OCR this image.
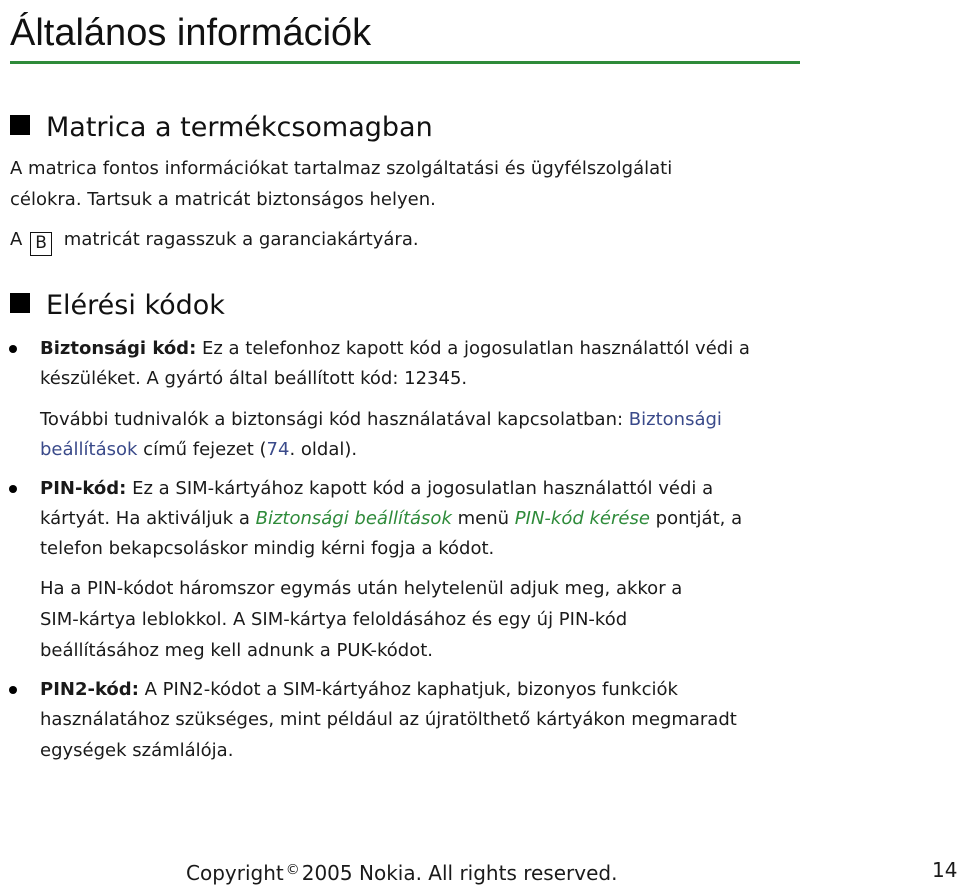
Általános információk
Matrica a termékcsomagban

A matrica fontos információkat tartalmaz szolgáltatási és ügyfélszolgálati

célokra. Tartsuk a matricát biztonságos helyen.

A B matricát ragasszuk a garanciakártyára.

Elérési kódok

Biztonsági kód: Ez a telefonhoz kapott kód a jogosulatlan használattól védi a

készüléket. A gyártó által beállított kód: 12345.

További tudnivalók a biztonsági kód használatával kapcsolatban: Biztonsági

beállítások című fejezet (74. oldal).

PIN-kód: Ez a SIM-kártyához kapott kód a jogosulatlan használattól védi a

kártyát. Ha aktiváljuk a Biztonsági beállítások menü PIN-kód kérése pontját, a

telefon bekapcsoláskor mindig kérni fogja a kódot.

Ha a PIN-kódot háromszor egymás után helytelenül adjuk meg, akkor a

SIM-kártya leblokkol. A SIM-kártya feloldásához és egy új PIN-kód

beállításához meg kell adnunk a PUK-kódot.

PIN2-kód: A PIN2-kódot a SIM-kártyához kaphatjuk, bizonyos funkciók

használatához szükséges, mint például az újratölthető kártyákon megmaradt

egységek számlálója.

Copyright © 2005 Nokia. All rights reserved.	14
